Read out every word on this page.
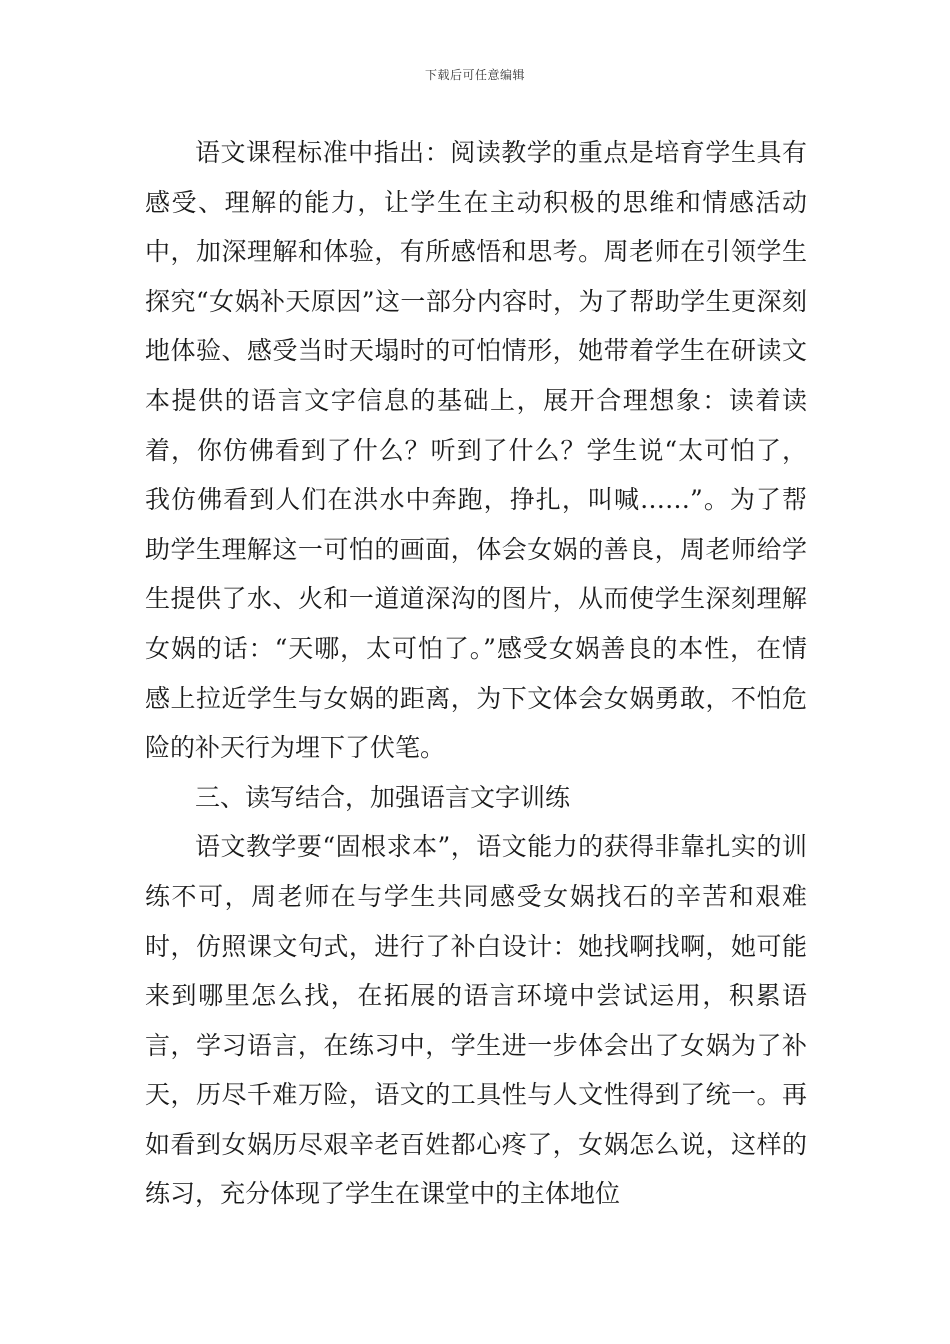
下载后可任意编辑

语文课程标准中指出：阅读教学的重点是培育学生具有感受、理解的能力，让学生在主动积极的思维和情感活动中，加深理解和体验，有所感悟和思考。周老师在引领学生探究“女娲补天原因”这一部分内容时，为了帮助学生更深刻地体验、感受当时天塌时的可怕情形，她带着学生在研读文本提供的语言文字信息的基础上，展开合理想象：读着读着，你仿佛看到了什么？听到了什么？学生说“太可怕了，我仿佛看到人们在洪水中奔跑，挣扎，叫喊……”。为了帮助学生理解这一可怕的画面，体会女娲的善良，周老师给学生提供了水、火和一道道深沟的图片，从而使学生深刻理解女娲的话：“天哪，太可怕了。”感受女娲善良的本性，在情感上拉近学生与女娲的距离，为下文体会女娲勇敢，不怕危险的补天行为埋下了伏笔。

三、读写结合，加强语言文字训练

语文教学要“固根求本”，语文能力的获得非靠扎实的训练不可，周老师在与学生共同感受女娲找石的辛苦和艰难时，仿照课文句式，进行了补白设计：她找啊找啊，她可能来到哪里怎么找，在拓展的语言环境中尝试运用，积累语言，学习语言，在练习中，学生进一步体会出了女娲为了补天，历尽千难万险，语文的工具性与人文性得到了统一。再如看到女娲历尽艰辛老百姓都心疼了，女娲怎么说，这样的练习，充分体现了学生在课堂中的主体地位
